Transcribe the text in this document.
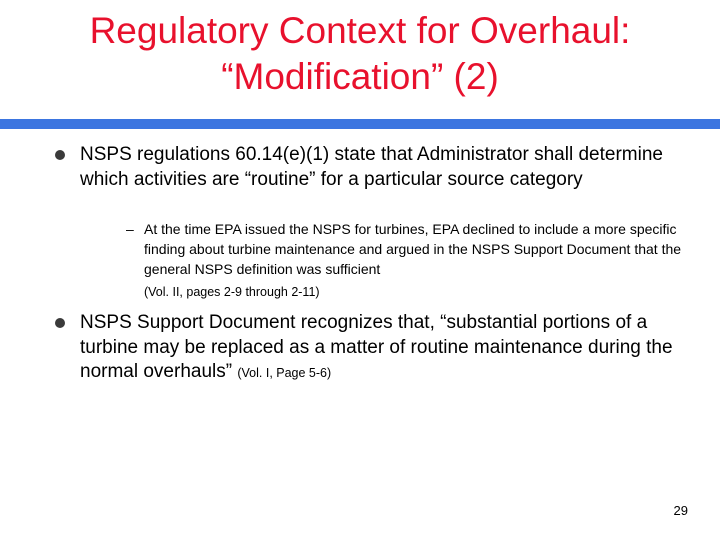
Regulatory Context for Overhaul:
“Modification” (2)
NSPS regulations 60.14(e)(1) state that Administrator shall determine which activities are “routine” for a particular source category
– At the time EPA issued the NSPS for turbines, EPA declined to include a more specific finding about turbine maintenance and argued in the NSPS Support Document that the general NSPS definition was sufficient
(Vol. II, pages 2-9 through 2-11)
NSPS Support Document recognizes that, “substantial portions of a turbine may be replaced as a matter of routine maintenance during the normal overhauls” (Vol. I, Page 5-6)
29
